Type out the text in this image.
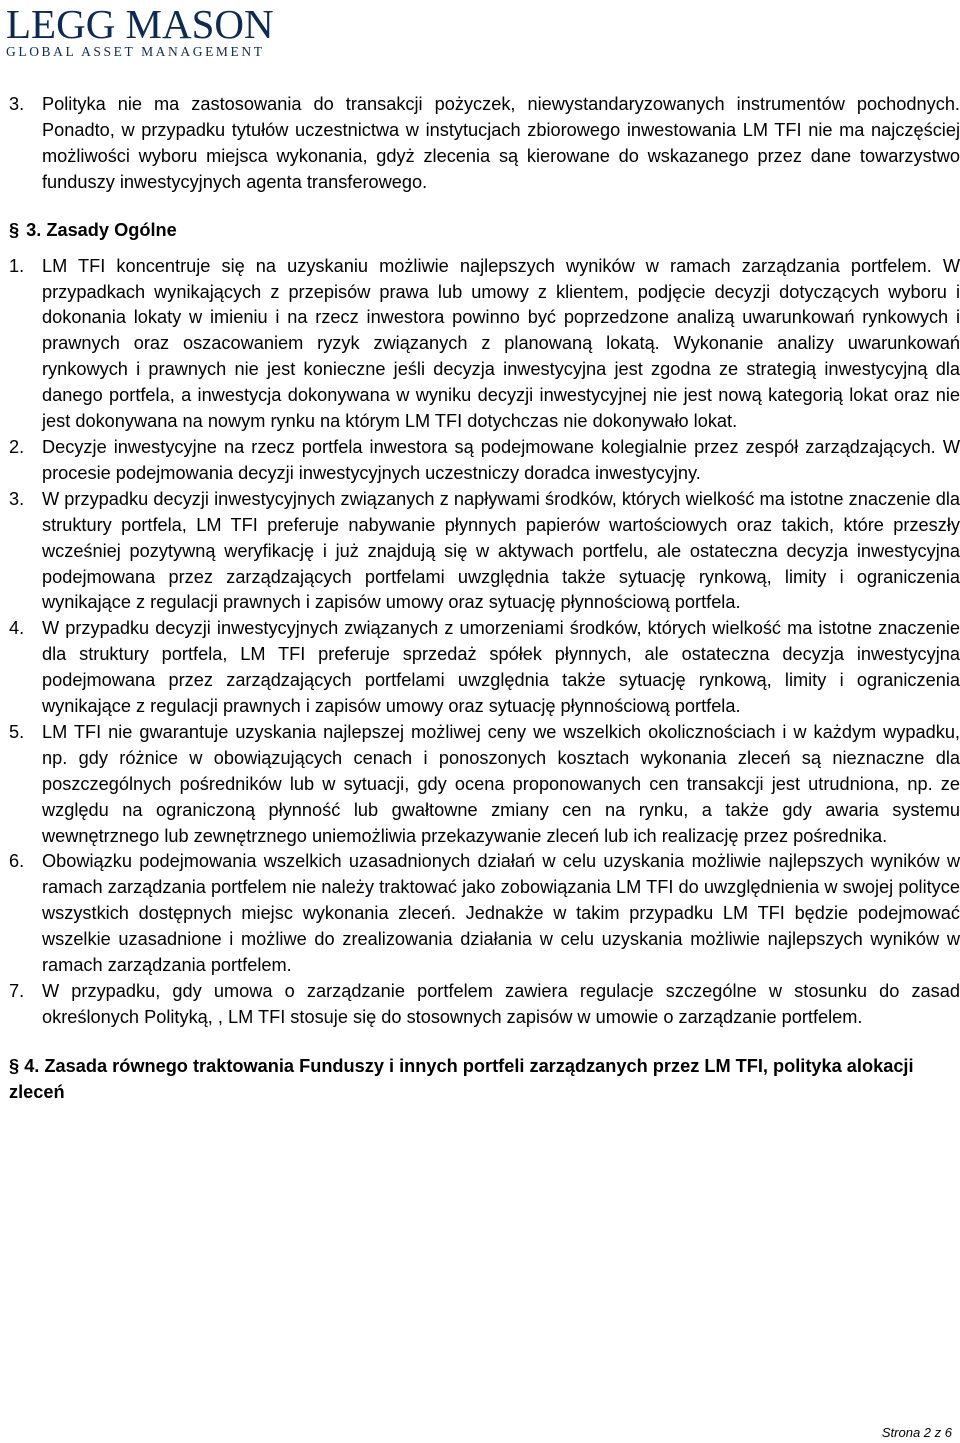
LEGG MASON
GLOBAL ASSET MANAGEMENT
3. Polityka nie ma zastosowania do transakcji pożyczek, niewystandaryzowanych instrumentów pochodnych. Ponadto, w przypadku tytułów uczestnictwa w instytucjach zbiorowego inwestowania LM TFI nie ma najczęściej możliwości wyboru miejsca wykonania, gdyż zlecenia są kierowane do wskazanego przez dane towarzystwo funduszy inwestycyjnych agenta transferowego.

§ 3. Zasady Ogólne
1. LM TFI koncentruje się na uzyskaniu możliwie najlepszych wyników w ramach zarządzania portfelem. W przypadkach wynikających z przepisów prawa lub umowy z klientem, podjęcie decyzji dotyczących wyboru i dokonania lokaty w imieniu i na rzecz inwestora powinno być poprzedzone analizą uwarunkowań rynkowych i prawnych oraz oszacowaniem ryzyk związanych z planowaną lokatą. Wykonanie analizy uwarunkowań rynkowych i prawnych nie jest konieczne jeśli decyzja inwestycyjna jest zgodna ze strategią inwestycyjną dla danego portfela, a inwestycja dokonywana w wyniku decyzji inwestycyjnej nie jest nową kategorią lokat oraz nie jest dokonywana na nowym rynku na którym LM TFI dotychczas nie dokonywało lokat.

2. Decyzje inwestycyjne na rzecz portfela inwestora są podejmowane kolegialnie przez zespół zarządzających. W procesie podejmowania decyzji inwestycyjnych uczestniczy doradca inwestycyjny.

3. W przypadku decyzji inwestycyjnych związanych z napływami środków, których wielkość ma istotne znaczenie dla struktury portfela, LM TFI preferuje nabywanie płynnych papierów wartościowych oraz takich, które przeszły wcześniej pozytywną weryfikację i już znajdują się w aktywach portfelu, ale ostateczna decyzja inwestycyjna podejmowana przez zarządzających portfelami uwzględnia także sytuację rynkową, limity i ograniczenia wynikające z regulacji prawnych i zapisów umowy oraz sytuację płynnościową portfela.

4. W przypadku decyzji inwestycyjnych związanych z umorzeniami środków, których wielkość ma istotne znaczenie dla struktury portfela, LM TFI preferuje sprzedaż spółek płynnych, ale ostateczna decyzja inwestycyjna podejmowana przez zarządzających portfelami uwzględnia także sytuację rynkową, limity i ograniczenia wynikające z regulacji prawnych i zapisów umowy oraz sytuację płynnościową portfela.

5. LM TFI nie gwarantuje uzyskania najlepszej możliwej ceny we wszelkich okolicznościach i w każdym wypadku, np. gdy różnice w obowiązujących cenach i ponoszonych kosztach wykonania zleceń są nieznaczne dla poszczególnych pośredników lub w sytuacji, gdy ocena proponowanych cen transakcji jest utrudniona, np. ze względu na ograniczoną płynność lub gwałtowne zmiany cen na rynku, a także gdy awaria systemu wewnętrznego lub zewnętrznego uniemożliwia przekazywanie zleceń lub ich realizację przez pośrednika.

6. Obowiązku podejmowania wszelkich uzasadnionych działań w celu uzyskania możliwie najlepszych wyników w ramach zarządzania portfelem nie należy traktować jako zobowiązania LM TFI do uwzględnienia w swojej polityce wszystkich dostępnych miejsc wykonania zleceń. Jednakże w takim przypadku LM TFI będzie podejmować wszelkie uzasadnione i możliwe do zrealizowania działania w celu uzyskania możliwie najlepszych wyników w ramach zarządzania portfelem.

7. W przypadku, gdy umowa o zarządzanie portfelem zawiera regulacje szczególne w stosunku do zasad określonych Polityką, , LM TFI stosuje się do stosownych zapisów w umowie o zarządzanie portfelem.

§ 4. Zasada równego traktowania Funduszy i innych portfeli zarządzanych przez LM TFI, polityka alokacji zleceń
Strona 2 z 6
